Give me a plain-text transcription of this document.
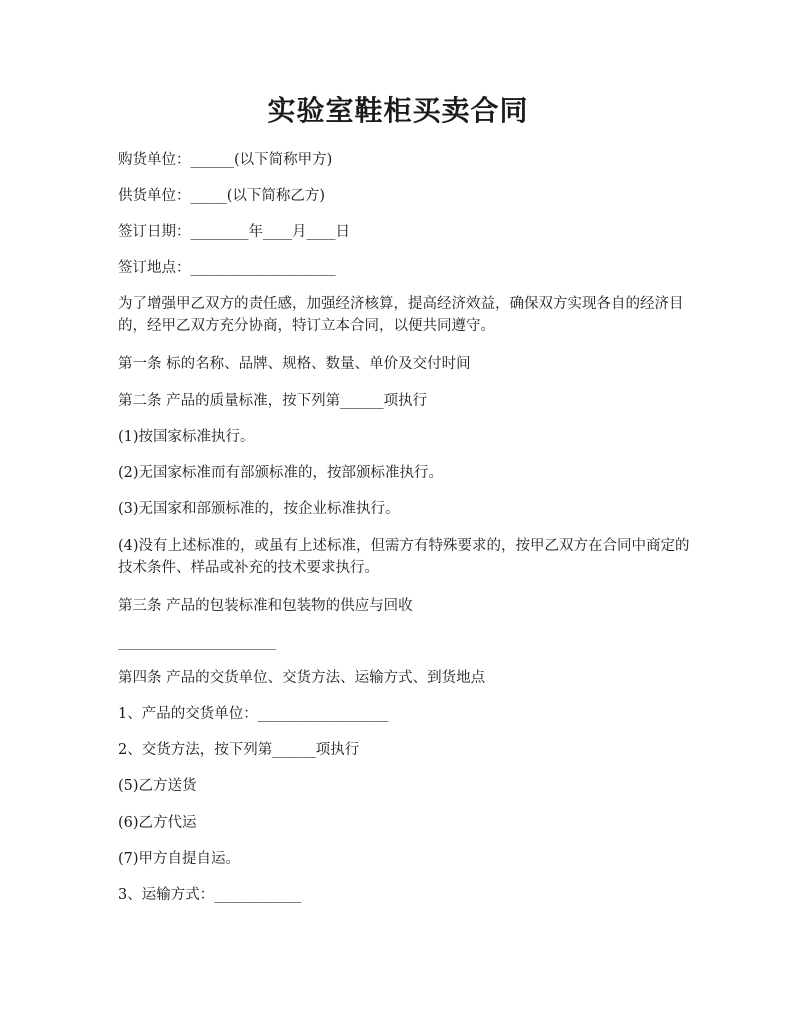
实验室鞋柜买卖合同
购货单位：______(以下简称甲方)
供货单位：_____(以下简称乙方)
签订日期：________年____月____日
签订地点：____________________
为了增强甲乙双方的责任感，加强经济核算，提高经济效益，确保双方实现各自的经济目的，经甲乙双方充分协商，特订立本合同，以便共同遵守。
第一条 标的名称、品牌、规格、数量、单价及交付时间
第二条 产品的质量标准，按下列第______项执行
(1)按国家标准执行。
(2)无国家标准而有部颁标准的，按部颁标准执行。
(3)无国家和部颁标准的，按企业标准执行。
(4)没有上述标准的，或虽有上述标准，但需方有特殊要求的，按甲乙双方在合同中商定的技术条件、样品或补充的技术要求执行。
第三条 产品的包装标准和包装物的供应与回收
第四条 产品的交货单位、交货方法、运输方式、到货地点
1、产品的交货单位：__________________
2、交货方法，按下列第______项执行
(5)乙方送货
(6)乙方代运
(7)甲方自提自运。
3、运输方式：____________
